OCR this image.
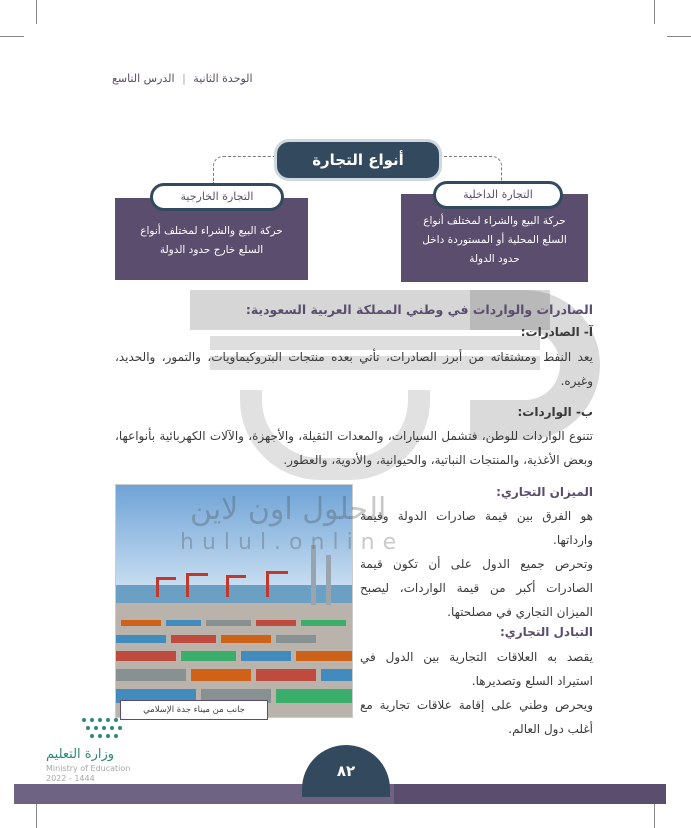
الوحدة الثانية | الدرس التاسع
أنواع التجارة
حركة البيع والشراء لمختلف أنواع
السلع المحلية أو المستوردة داخل
حدود الدولة
التجارة الداخلية
حركة البيع والشراء لمختلف أنواع
السلع خارج حدود الدولة
التجارة الخارجية
الصادرات والواردات في وطني المملكة العربية السعودية:
آ- الصادرات:
يعد النفط ومشتقاته من أبرز الصادرات، تأتي بعده منتجات البتروكيماويات، والتمور، والحديد، وغيره.
ب- الواردات:
تتنوع الواردات للوطن، فتشمل السيارات، والمعدات الثقيلة، والأجهزة، والآلات الكهربائية بأنواعها، وبعض الأغذية، والمنتجات النباتية، والحيوانية، والأدوية، والعطور.
جانب من ميناء جدة الإسلامي
الميزان التجاري:
هو الفرق بين قيمة صادرات الدولة وقيمة وارداتها.
وتحرص جميع الدول على أن تكون قيمة الصادرات أكبر من قيمة الواردات، ليصبح الميزان التجاري في مصلحتها.
التبادل التجاري:
يقصد به العلاقات التجارية بين الدول في استيراد السلع وتصديرها.
ويحرص وطني على إقامة علاقات تجارية مع أغلب دول العالم.
الحلول اون لاين
hulul.online
وزارة التعليم
Ministry of Education
2022 - 1444	٨٢
